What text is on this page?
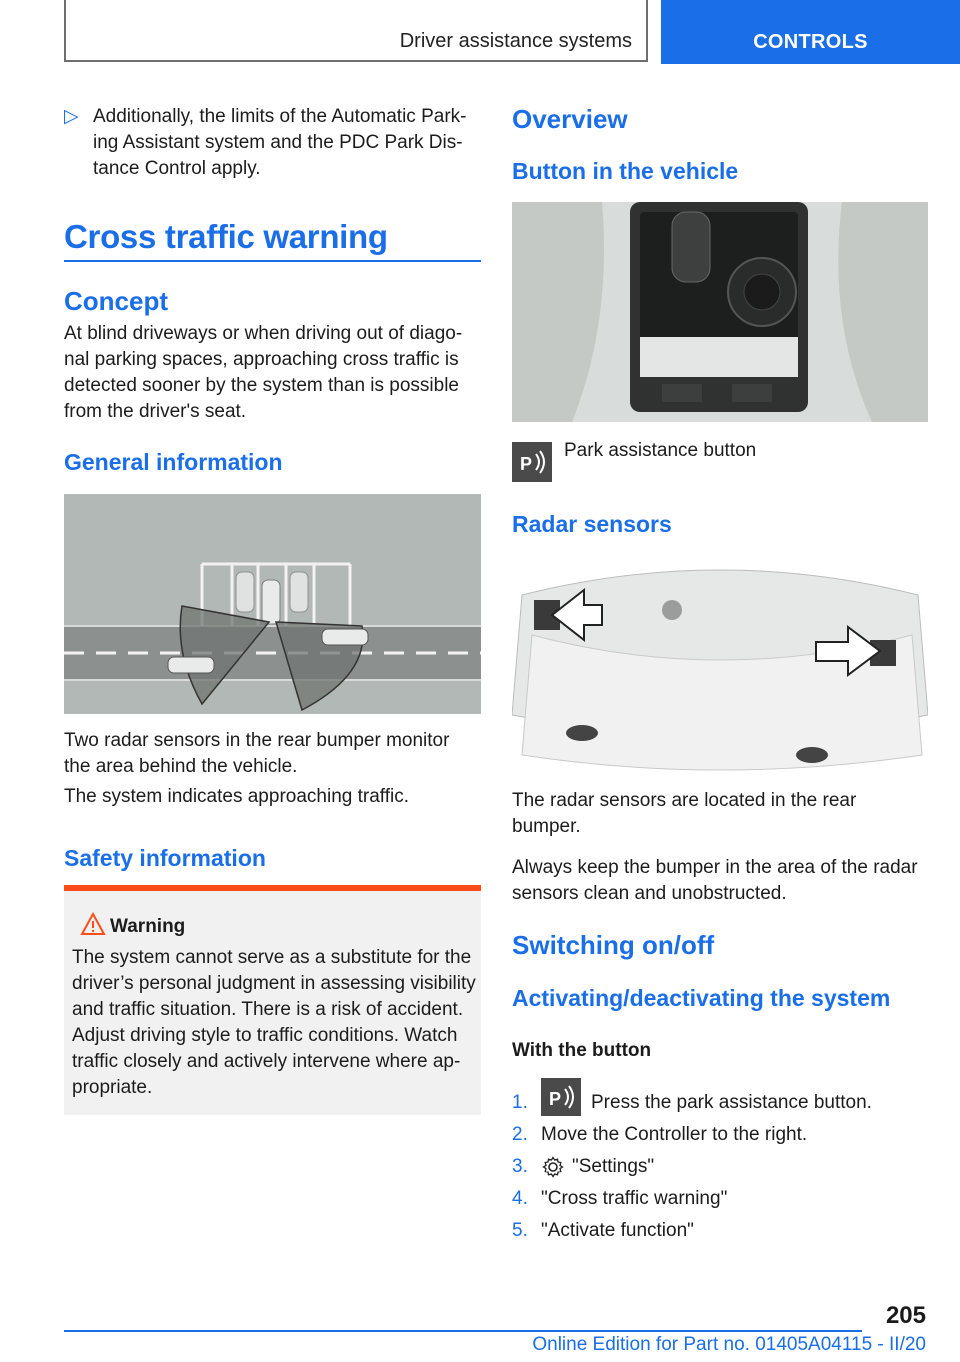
Driver assistance systems	CONTROLS
▷ Additionally, the limits of the Automatic Park-ing Assistant system and the PDC Park Dis-tance Control apply.
Cross traffic warning
Concept
At blind driveways or when driving out of diago-nal parking spaces, approaching cross traffic is detected sooner by the system than is possible from the driver's seat.
General information
Two radar sensors in the rear bumper monitor the area behind the vehicle.
The system indicates approaching traffic.
Safety information
Warning
The system cannot serve as a substitute for the driver’s personal judgment in assessing visibility and traffic situation. There is a risk of accident. Adjust driving style to traffic conditions. Watch traffic closely and actively intervene where ap-propriate.
Overview
Button in the vehicle
P
Park assistance button
Radar sensors
The radar sensors are located in the rear bumper.
Always keep the bumper in the area of the radar sensors clean and unobstructed.
Switching on/off
Activating/deactivating the system
With the button
1. P Press the park assistance button.
2. Move the Controller to the right.
3. "Settings"
4. "Cross traffic warning"
5. "Activate function"
205
Online Edition for Part no. 01405A04115 - II/20
